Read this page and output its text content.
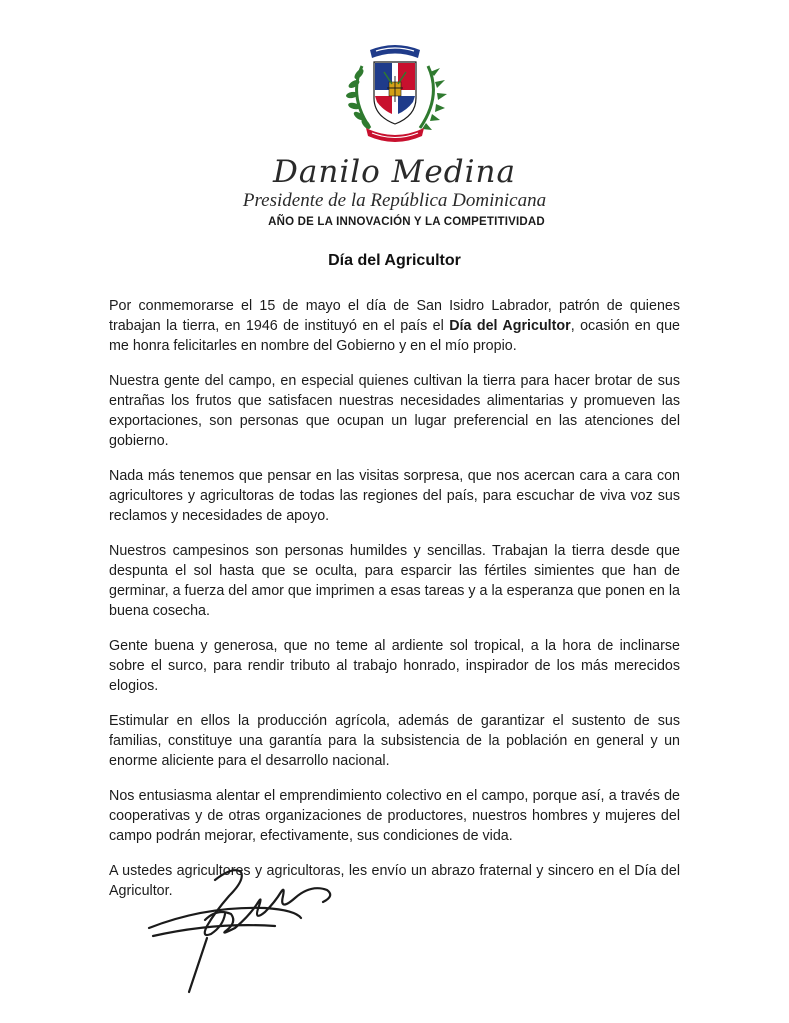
Danilo Medina
Presidente de la República Dominicana
AÑO DE LA INNOVACIÓN Y LA COMPETITIVIDAD
Día del Agricultor

Por conmemorarse el 15 de mayo el día de San Isidro Labrador, patrón de quienes trabajan la tierra, en 1946 de instituyó en el país el Día del Agricultor, ocasión en que me honra felicitarles en nombre del Gobierno y en el mío propio.

Nuestra gente del campo, en especial quienes cultivan la tierra para hacer brotar de sus entrañas los frutos que satisfacen nuestras necesidades alimentarias y promueven las exportaciones, son personas que ocupan un lugar preferencial en las atenciones del gobierno.

Nada más tenemos que pensar en las visitas sorpresa, que nos acercan cara a cara con agricultores y agricultoras de todas las regiones del país, para escuchar de viva voz sus reclamos y necesidades de apoyo.

Nuestros campesinos son personas humildes y sencillas. Trabajan la tierra desde que despunta el sol hasta que se oculta, para esparcir las fértiles simientes que han de germinar, a fuerza del amor que imprimen a esas tareas y a la esperanza que ponen en la buena cosecha.

Gente buena y generosa, que no teme al ardiente sol tropical, a la hora de inclinarse sobre el surco, para rendir tributo al trabajo honrado, inspirador de los más merecidos elogios.

Estimular en ellos la producción agrícola, además de garantizar el sustento de sus familias, constituye una garantía para la subsistencia de la población en general y un enorme aliciente para el desarrollo nacional.

Nos entusiasma alentar el emprendimiento colectivo en el campo, porque así, a través de cooperativas y de otras organizaciones de productores, nuestros hombres y mujeres del campo podrán mejorar, efectivamente, sus condiciones de vida.

A ustedes agricultores y agricultoras, les envío un abrazo fraternal y sincero en el Día del Agricultor.
